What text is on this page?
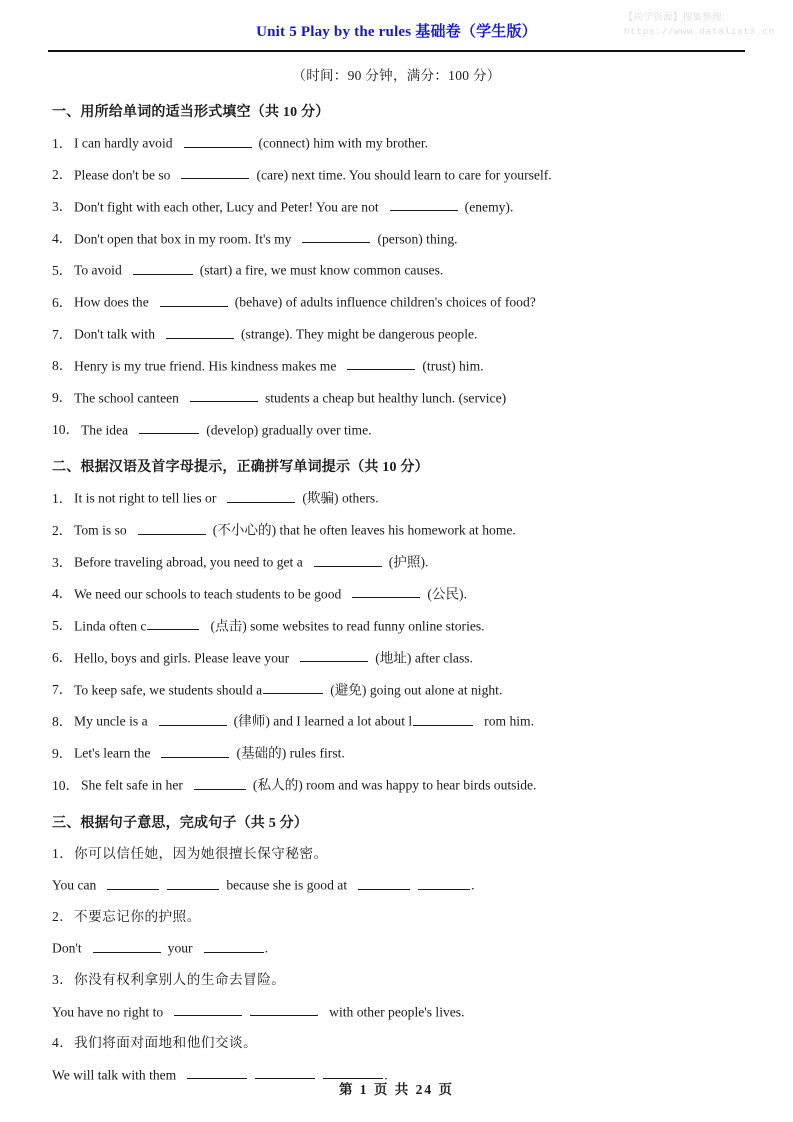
【尚学资源】搜集整理:
https://www.datalists.cn
Unit 5 Play by the rules 基础卷（学生版）
（时间：90 分钟，满分：100 分）
一、用所给单词的适当形式填空（共 10 分）
1． I can hardly avoid	(connect) him with my brother.
2． Please don't be so	(care) next time. You should learn to care for yourself.
3． Don't fight with each other, Lucy and Peter! You are not	(enemy).
4． Don't open that box in my room. It's my	(person) thing.
5． To avoid	(start) a fire, we must know common causes.
6． How does the	(behave) of adults influence children's choices of food?
7． Don't talk with	(strange). They might be dangerous people.
8． Henry is my true friend. His kindness makes me	(trust) him.
9． The school canteen	students a cheap but healthy lunch. (service)
10． The idea	(develop) gradually over time.
二、根据汉语及首字母提示，正确拼写单词提示（共 10 分）
1． It is not right to tell lies or	(欺骗) others.
2． Tom is so	(不小心的) that he often leaves his homework at home.
3． Before traveling abroad, you need to get a	(护照).
4． We need our schools to teach students to be good	(公民).
5． Linda often c	(点击) some websites to read funny online stories.
6． Hello, boys and girls. Please leave your	(地址) after class.
7． To keep safe, we students should a	(避免) going out alone at night.
8． My uncle is a	(律师) and I learned a lot about l	rom him.
9． Let's learn the	(基础的) rules first.
10． She felt safe in her	(私人的) room and was happy to hear birds outside.
三、根据句子意思，完成句子（共 5 分）
1．你可以信任她，因为她很擅长保守秘密。
You can	because she is good at	.
2．不要忘记你的护照。
Don't	your	.
3．你没有权利拿别人的生命去冒险。
You have no right to	with other people's lives.
4．我们将面对面地和他们交谈。
We will talk with them	.
第 1 页 共 24 页
